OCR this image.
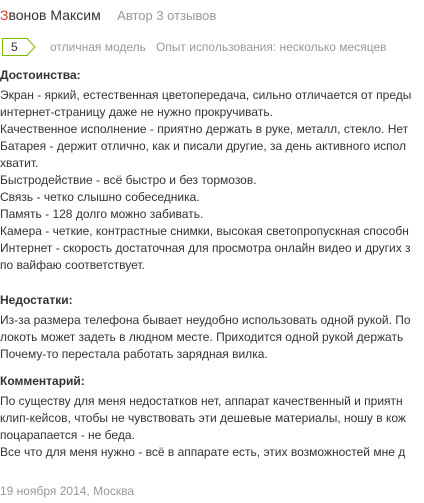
Звонов Максим Автор 3 отзывов
5	отличная модель Опыт использования: несколько месяцев

Достоинства:

Экран - яркий, естественная цветопередача, сильно отличается от преды

интернет-страницу даже не нужно прокручивать.

Качественное исполнение - приятно держать в руке, металл, стекло. Нет

Батарея - держит отлично, как и писали другие, за день активного испол

хватит.

Быстродействие - всё быстро и без тормозов.

Связь - четко слышно собеседника.

Память - 128 долго можно забивать.

Камера - четкие, контрастные снимки, высокая светопропускная способн

Интернет - скорость достаточная для просмотра онлайн видео и других з

по вайфаю соответствует.

Недостатки:

Из-за размера телефона бывает неудобно использовать одной рукой. По

локоть может задеть в людном месте. Приходится одной рукой держать

Почему-то перестала работать зарядная вилка.

Комментарий:

По существу для меня недостатков нет, аппарат качественный и приятн

клип-кейсов, чтобы не чувствовать эти дешевые материалы, ношу в кож

поцарапается - не беда.

Все что для меня нужно - всё в аппарате есть, этих возможностей мне д

19 ноября 2014, Москва
